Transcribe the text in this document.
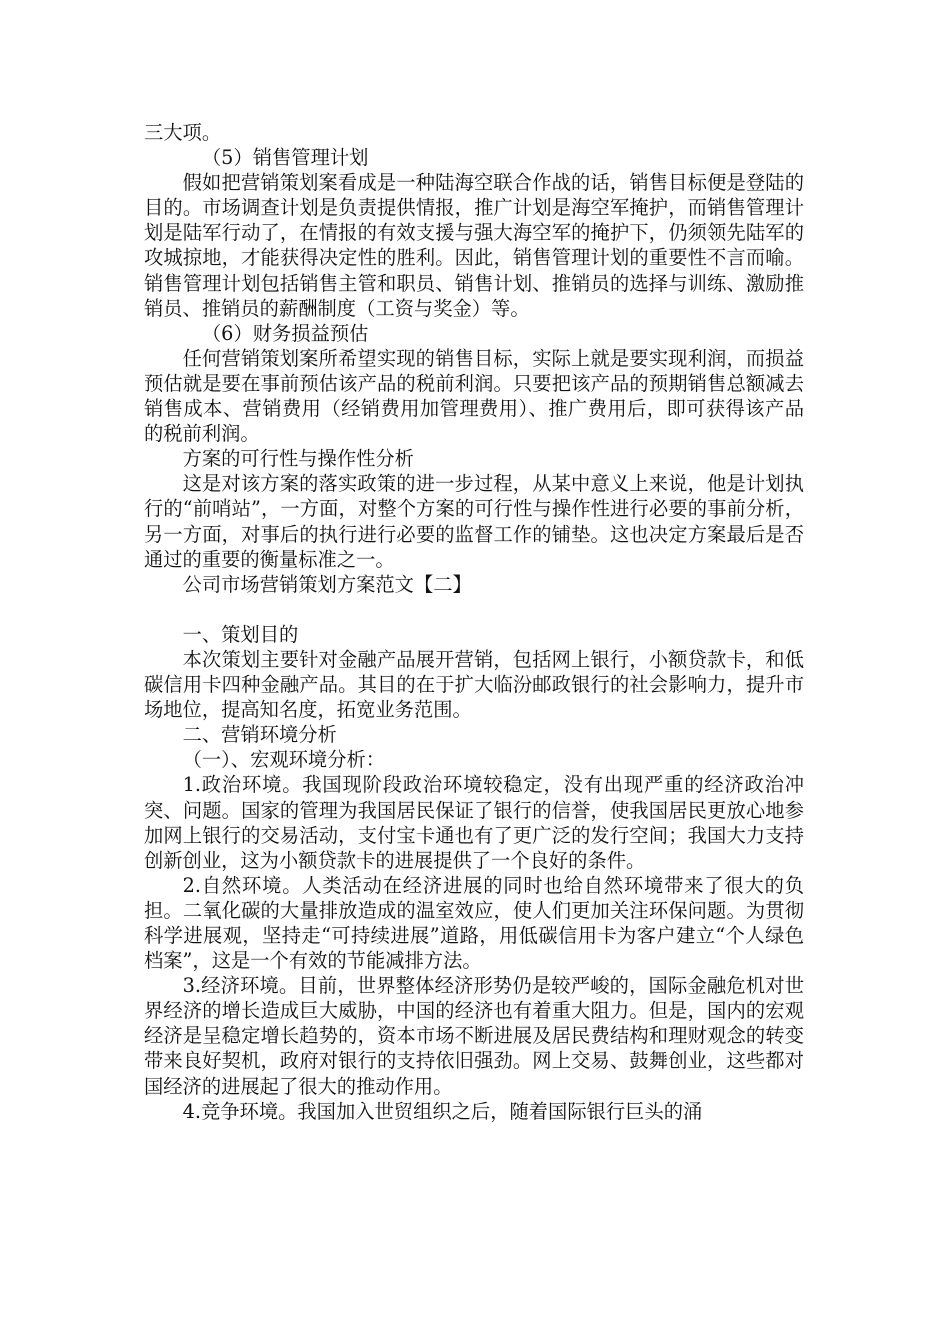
三大项。

（5）销售管理计划

假如把营销策划案看成是一种陆海空联合作战的话，销售目标便是登陆的目的。市场调查计划是负责提供情报，推广计划是海空军掩护，而销售管理计划是陆军行动了，在情报的有效支援与强大海空军的掩护下，仍须领先陆军的攻城掠地，才能获得决定性的胜利。因此，销售管理计划的重要性不言而喻。销售管理计划包括销售主管和职员、销售计划、推销员的选择与训练、激励推销员、推销员的薪酬制度（工资与奖金）等。

（6）财务损益预估

任何营销策划案所希望实现的销售目标，实际上就是要实现利润，而损益预估就是要在事前预估该产品的税前利润。只要把该产品的预期销售总额减去销售成本、营销费用（经销费用加管理费用）、推广费用后，即可获得该产品的税前利润。

方案的可行性与操作性分析

这是对该方案的落实政策的进一步过程，从某中意义上来说，他是计划执行的“前哨站”，一方面，对整个方案的可行性与操作性进行必要的事前分析，另一方面，对事后的执行进行必要的监督工作的铺垫。这也决定方案最后是否通过的重要的衡量标准之一。

公司市场营销策划方案范文【二】

一、策划目的

本次策划主要针对金融产品展开营销，包括网上银行，小额贷款卡，和低碳信用卡四种金融产品。其目的在于扩大临汾邮政银行的社会影响力，提升市场地位，提高知名度，拓宽业务范围。

二、营销环境分析

（一）、宏观环境分析：

1.政治环境。我国现阶段政治环境较稳定，没有出现严重的经济政治冲突、问题。国家的管理为我国居民保证了银行的信誉，使我国居民更放心地参加网上银行的交易活动，支付宝卡通也有了更广泛的发行空间；我国大力支持创新创业，这为小额贷款卡的进展提供了一个良好的条件。

2.自然环境。人类活动在经济进展的同时也给自然环境带来了很大的负担。二氧化碳的大量排放造成的温室效应，使人们更加关注环保问题。为贯彻科学进展观，坚持走“可持续进展”道路，用低碳信用卡为客户建立“个人绿色档案”，这是一个有效的节能减排方法。

3.经济环境。目前，世界整体经济形势仍是较严峻的，国际金融危机对世界经济的增长造成巨大威胁，中国的经济也有着重大阻力。但是，国内的宏观经济是呈稳定增长趋势的，资本市场不断进展及居民费结构和理财观念的转变带来良好契机，政府对银行的支持依旧强劲。网上交易、鼓舞创业，这些都对国经济的进展起了很大的推动作用。

4.竞争环境。我国加入世贸组织之后，随着国际银行巨头的涌
